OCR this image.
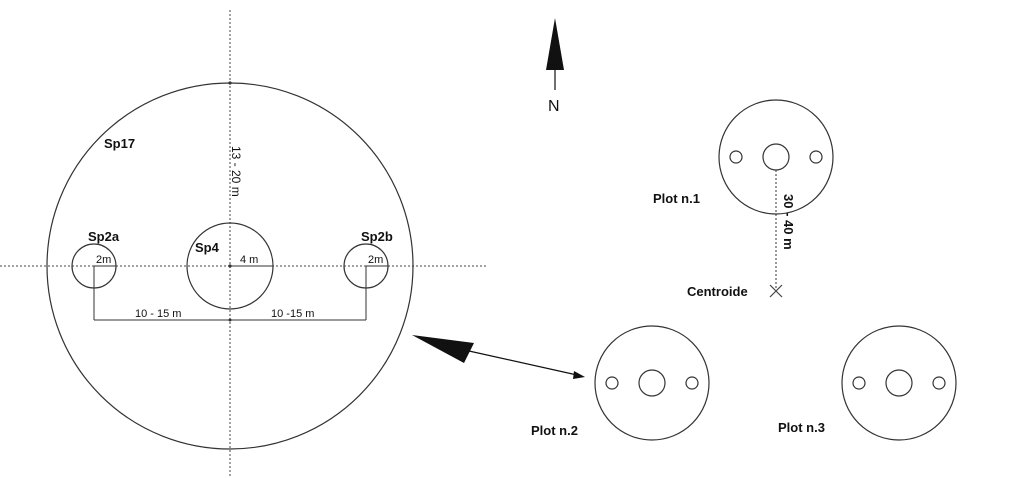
Sp17
Sp4
Sp2a	Sp2b
4 m
2m	2m
13 - 20 m
10 - 15 m	10 -15 m
N
Plot n.1	30 - 40 m
Centroide
Plot n.2	Plot n.3
